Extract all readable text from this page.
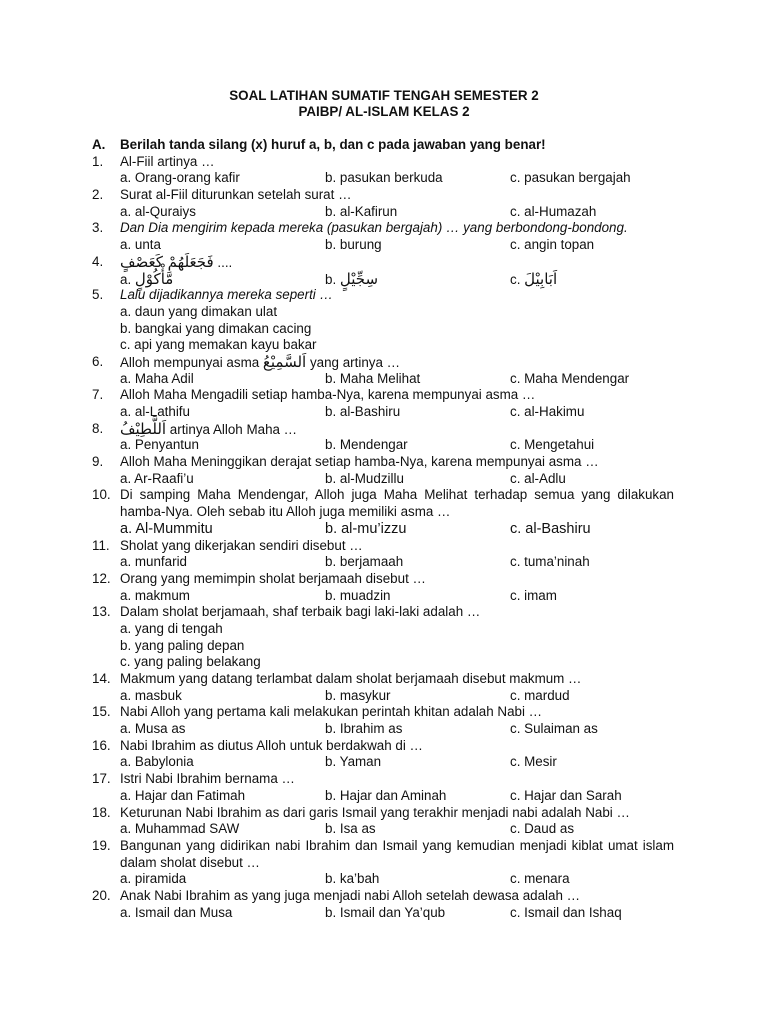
SOAL LATIHAN SUMATIF TENGAH SEMESTER 2
PAIBP/ AL-ISLAM KELAS 2
A. Berilah tanda silang (x) huruf a, b, dan c pada jawaban yang benar!
1. Al-Fiil artinya …
a. Orang-orang kafir	b. pasukan berkuda	c. pasukan bergajah
2. Surat al-Fiil diturunkan setelah surat …
a. al-Quraiys	b. al-Kafirun	c. al-Humazah
3. Dan Dia mengirim kepada mereka (pasukan bergajah) … yang berbondong-bondong.
a. unta	b. burung	c. angin topan
4. فَجَعَلَهُمْ كَعَصْفٍ ....
a. مَّأْكُوْلٍ	b. سِجِّيْلٍ	c. اَبَابِيْلَ
5. Lalu dijadikannya mereka seperti …
a. daun yang dimakan ulat
b. bangkai yang dimakan cacing
c. api yang memakan kayu bakar
6. Alloh mempunyai asma اَلسَّمِيْعُ yang artinya …
a. Maha Adil	b. Maha Melihat	c. Maha Mendengar
7. Alloh Maha Mengadili setiap hamba-Nya, karena mempunyai asma …
a. al-Lathifu	b. al-Bashiru	c. al-Hakimu
8. اَللَّطِيْفُ artinya Alloh Maha …
a. Penyantun	b. Mendengar	c. Mengetahui
9. Alloh Maha Meninggikan derajat setiap hamba-Nya, karena mempunyai asma …
a. Ar-Raafi’u	b. al-Mudzillu	c. al-Adlu
10. Di samping Maha Mendengar, Alloh juga Maha Melihat terhadap semua yang dilakukan hamba-Nya. Oleh sebab itu Alloh juga memiliki asma …
a. Al-Mummitu	b. al-mu’izzu	c. al-Bashiru
11. Sholat yang dikerjakan sendiri disebut …
a. munfarid	b. berjamaah	c. tuma’ninah
12. Orang yang memimpin sholat berjamaah disebut …
a. makmum	b. muadzin	c. imam
13. Dalam sholat berjamaah, shaf terbaik bagi laki-laki adalah …
a. yang di tengah
b. yang paling depan
c. yang paling belakang
14. Makmum yang datang terlambat dalam sholat berjamaah disebut makmum …
a. masbuk	b. masykur	c. mardud
15. Nabi Alloh yang pertama kali melakukan perintah khitan adalah Nabi …
a. Musa as	b. Ibrahim as	c. Sulaiman as
16. Nabi Ibrahim as diutus Alloh untuk berdakwah di …
a. Babylonia	b. Yaman	c. Mesir
17. Istri Nabi Ibrahim bernama …
a. Hajar dan Fatimah	b. Hajar dan Aminah	c. Hajar dan Sarah
18. Keturunan Nabi Ibrahim as dari garis Ismail yang terakhir menjadi nabi adalah Nabi …
a. Muhammad SAW	b. Isa as	c. Daud as
19. Bangunan yang didirikan nabi Ibrahim dan Ismail yang kemudian menjadi kiblat umat islam dalam sholat disebut …
a. piramida	b. ka’bah	c. menara
20. Anak Nabi Ibrahim as yang juga menjadi nabi Alloh setelah dewasa adalah …
a. Ismail dan Musa	b. Ismail dan Ya’qub	c. Ismail dan Ishaq
